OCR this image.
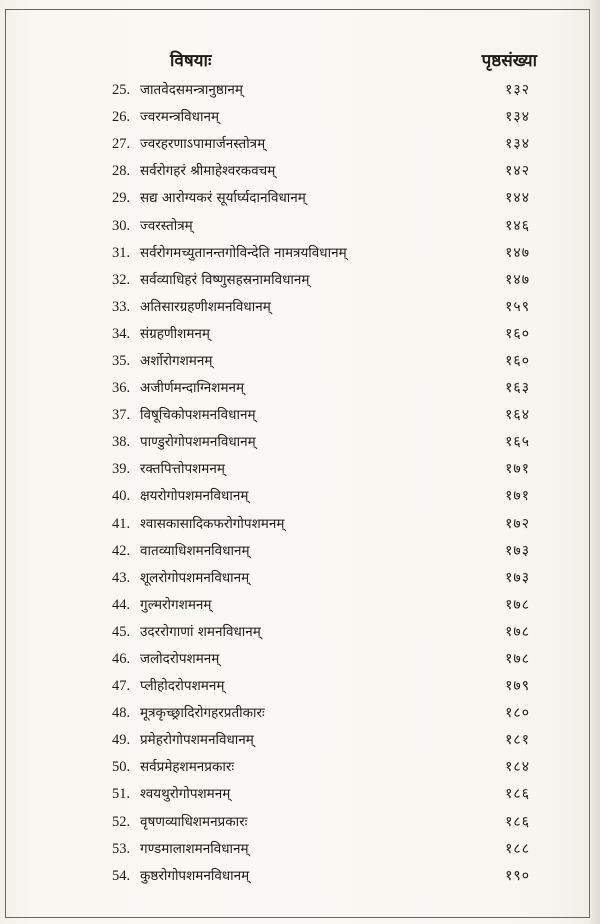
विषयाः	पृष्ठसंख्या
25. जातवेदसमन्त्रानुष्ठानम्	१३२
26. ज्वरमन्त्रविधानम्	१३४
27. ज्वरहरणाऽपामार्जनस्तोत्रम्	१३४
28. सर्वरोगहरं श्रीमाहेश्वरकवचम्	१४२
29. सद्य आरोग्यकरं सूर्यार्घ्यदानविधानम्	१४४
30. ज्वरस्तोत्रम्	१४६
31. सर्वरोगमच्युतानन्तगोविन्देति नामत्रयविधानम्	१४७
32. सर्वव्याधिहरं विष्णुसहस्रनामविधानम्	१४७
33. अतिसारग्रहणीशमनविधानम्	१५९
34. संग्रहणीशमनम्	१६०
35. अर्शोरोगशमनम्	१६०
36. अजीर्णमन्दाग्निशमनम्	१६३
37. विषूचिकोपशमनविधानम्	१६४
38. पाण्डुरोगोपशमनविधानम्	१६५
39. रक्तपित्तोपशमनम्	१७१
40. क्षयरोगोपशमनविधानम्	१७१
41. श्वासकासादिकफरोगोपशमनम्	१७२
42. वातव्याधिशमनविधानम्	१७३
43. शूलरोगोपशमनविधानम्	१७३
44. गुल्मरोगशमनम्	१७८
45. उदररोगाणां शमनविधानम्	१७८
46. जलोदरोपशमनम्	१७८
47. प्लीहोदरोपशमनम्	१७९
48. मूत्रकृच्छ्रादिरोगहरप्रतीकारः	१८०
49. प्रमेहरोगोपशमनविधानम्	१८१
50. सर्वप्रमेहशमनप्रकारः	१८४
51. श्वयथुरोगोपशमनम्	१८६
52. वृषणव्याधिशमनप्रकारः	१८६
53. गण्डमालाशमनविधानम्	१८८
54. कुष्ठरोगोपशमनविधानम्	१९०
